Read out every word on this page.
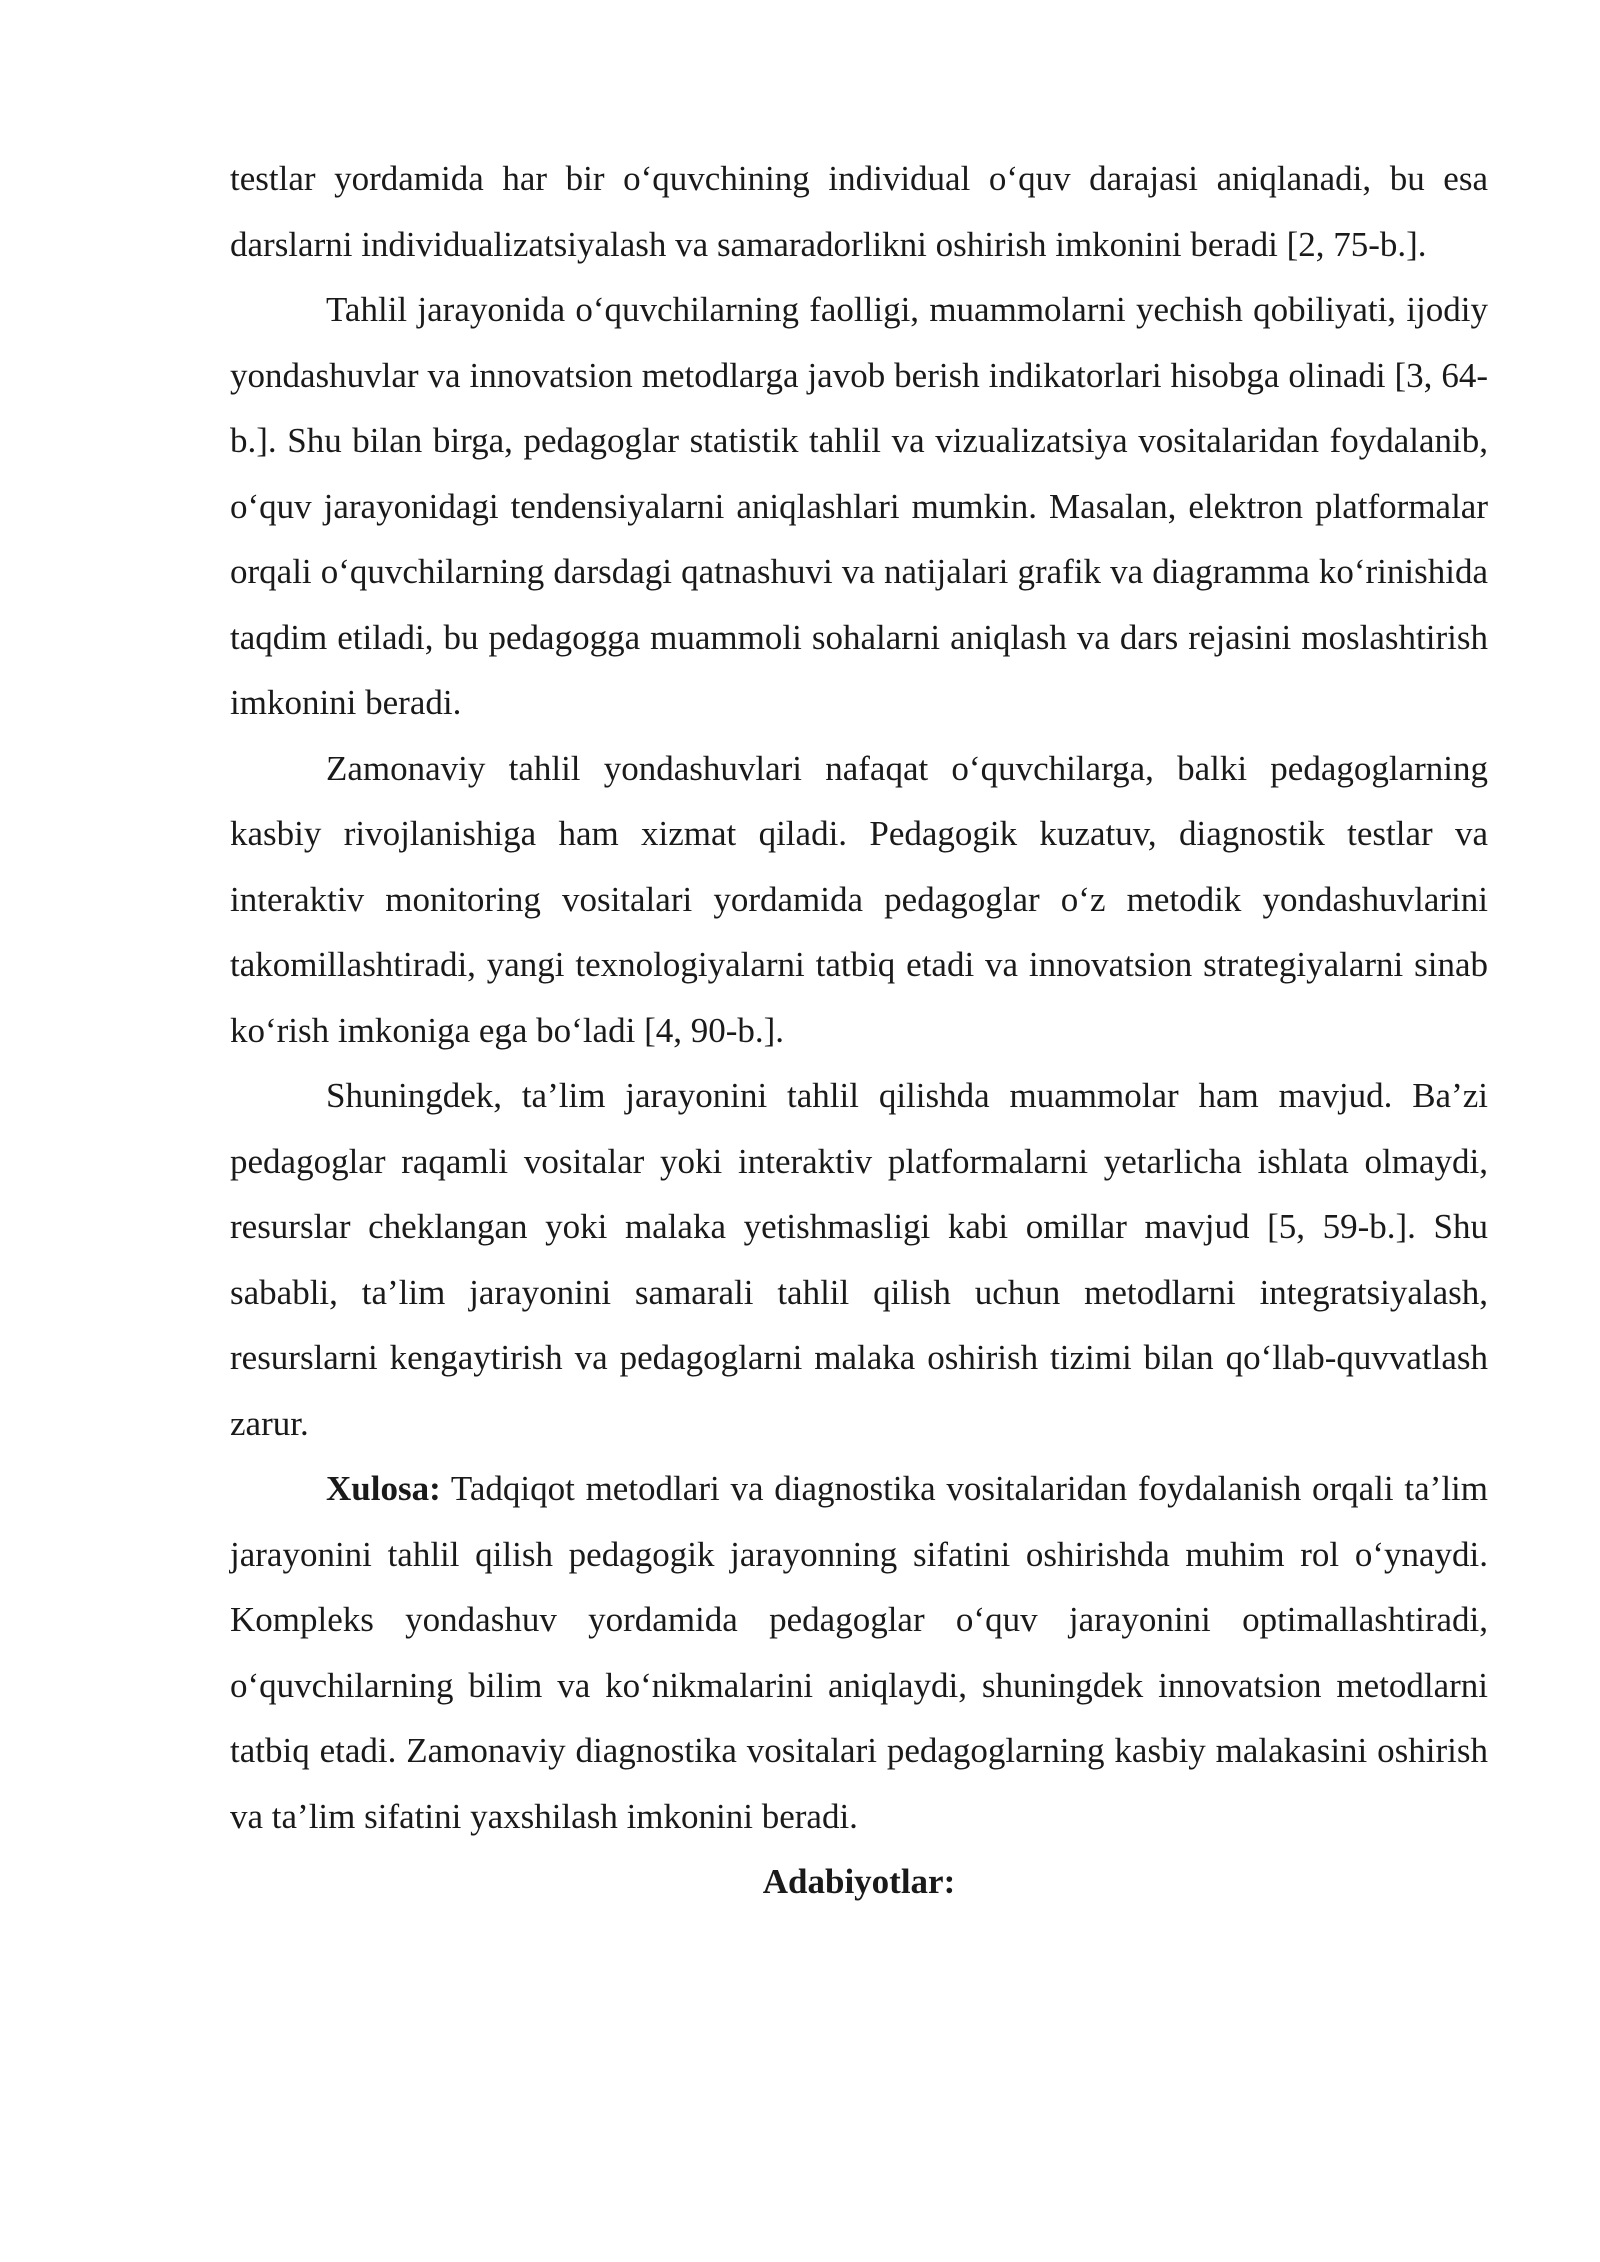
testlar yordamida har bir o‘quvchining individual o‘quv darajasi aniqlanadi, bu esa darslarni individualizatsiyalash va samaradorlikni oshirish imkonini beradi [2, 75-b.].

Tahlil jarayonida o‘quvchilarning faolligi, muammolarni yechish qobiliyati, ijodiy yondashuvlar va innovatsion metodlarga javob berish indikatorlari hisobga olinadi [3, 64-b.]. Shu bilan birga, pedagoglar statistik tahlil va vizualizatsiya vositalaridan foydalanib, o‘quv jarayonidagi tendensiyalarni aniqlashlari mumkin. Masalan, elektron platformalar orqali o‘quvchilarning darsdagi qatnashuvi va natijalari grafik va diagramma ko‘rinishida taqdim etiladi, bu pedagogga muammoli sohalarni aniqlash va dars rejasini moslashtirish imkonini beradi.

Zamonaviy tahlil yondashuvlari nafaqat o‘quvchilarga, balki pedagoglarning kasbiy rivojlanishiga ham xizmat qiladi. Pedagogik kuzatuv, diagnostik testlar va interaktiv monitoring vositalari yordamida pedagoglar o‘z metodik yondashuvlarini takomillashtiradi, yangi texnologiyalarni tatbiq etadi va innovatsion strategiyalarni sinab ko‘rish imkoniga ega bo‘ladi [4, 90-b.].

Shuningdek, ta’lim jarayonini tahlil qilishda muammolar ham mavjud. Ba’zi pedagoglar raqamli vositalar yoki interaktiv platformalarni yetarlicha ishlata olmaydi, resurslar cheklangan yoki malaka yetishmasligi kabi omillar mavjud [5, 59-b.]. Shu sababli, ta’lim jarayonini samarali tahlil qilish uchun metodlarni integratsiyalash, resurslarni kengaytirish va pedagoglarni malaka oshirish tizimi bilan qo‘llab-quvvatlash zarur.

Xulosa: Tadqiqot metodlari va diagnostika vositalaridan foydalanish orqali ta’lim jarayonini tahlil qilish pedagogik jarayonning sifatini oshirishda muhim rol o‘ynaydi. Kompleks yondashuv yordamida pedagoglar o‘quv jarayonini optimallashtiradi, o‘quvchilarning bilim va ko‘nikmalarini aniqlaydi, shuningdek innovatsion metodlarni tatbiq etadi. Zamonaviy diagnostika vositalari pedagoglarning kasbiy malakasini oshirish va ta’lim sifatini yaxshilash imkonini beradi.

Adabiyotlar:
